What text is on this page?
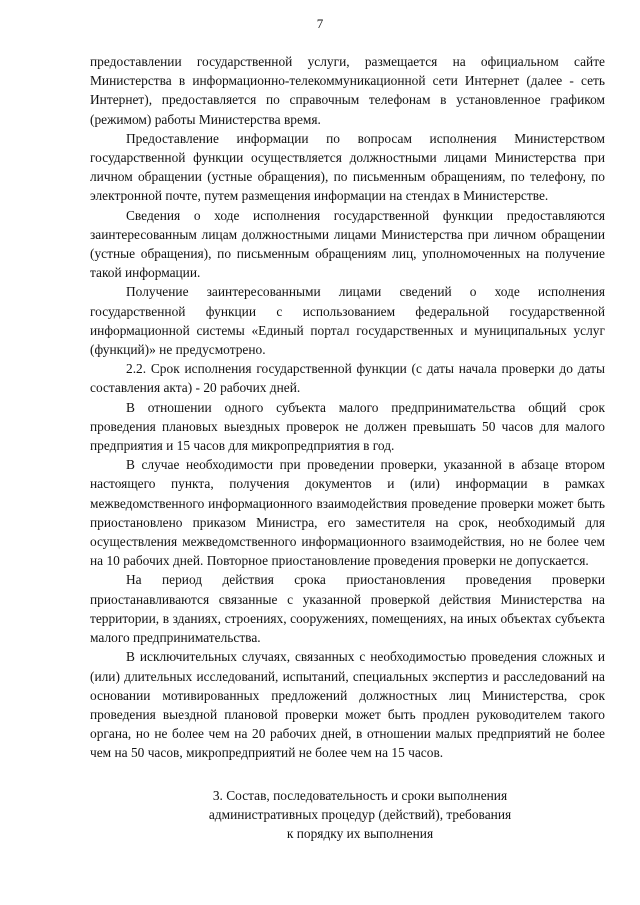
7

предоставлении государственной услуги, размещается на официальном сайте Министерства в информационно-телекоммуникационной сети Интернет (далее - сеть Интернет), предоставляется по справочным телефонам в установленное графиком (режимом) работы Министерства время.

Предоставление информации по вопросам исполнения Министерством государственной функции осуществляется должностными лицами Министерства при личном обращении (устные обращения), по письменным обращениям, по телефону, по электронной почте, путем размещения информации на стендах в Министерстве.

Сведения о ходе исполнения государственной функции предоставляются заинтересованным лицам должностными лицами Министерства при личном обращении (устные обращения), по письменным обращениям лиц, уполномоченных на получение такой информации.

Получение заинтересованными лицами сведений о ходе исполнения государственной функции с использованием федеральной государственной информационной системы «Единый портал государственных и муниципальных услуг (функций)» не предусмотрено.

2.2. Срок исполнения государственной функции (с даты начала проверки до даты составления акта) - 20 рабочих дней.

В отношении одного субъекта малого предпринимательства общий срок проведения плановых выездных проверок не должен превышать 50 часов для малого предприятия и 15 часов для микропредприятия в год.

В случае необходимости при проведении проверки, указанной в абзаце втором настоящего пункта, получения документов и (или) информации в рамках межведомственного информационного взаимодействия проведение проверки может быть приостановлено приказом Министра, его заместителя на срок, необходимый для осуществления межведомственного информационного взаимодействия, но не более чем на 10 рабочих дней. Повторное приостановление проведения проверки не допускается.

На период действия срока приостановления проведения проверки приостанавливаются связанные с указанной проверкой действия Министерства на территории, в зданиях, строениях, сооружениях, помещениях, на иных объектах субъекта малого предпринимательства.

В исключительных случаях, связанных с необходимостью проведения сложных и (или) длительных исследований, испытаний, специальных экспертиз и расследований на основании мотивированных предложений должностных лиц Министерства, срок проведения выездной плановой проверки может быть продлен руководителем такого органа, но не более чем на 20 рабочих дней, в отношении малых предприятий не более чем на 50 часов, микропредприятий не более чем на 15 часов.

3. Состав, последовательность и сроки выполнения
административных процедур (действий), требования
к порядку их выполнения
